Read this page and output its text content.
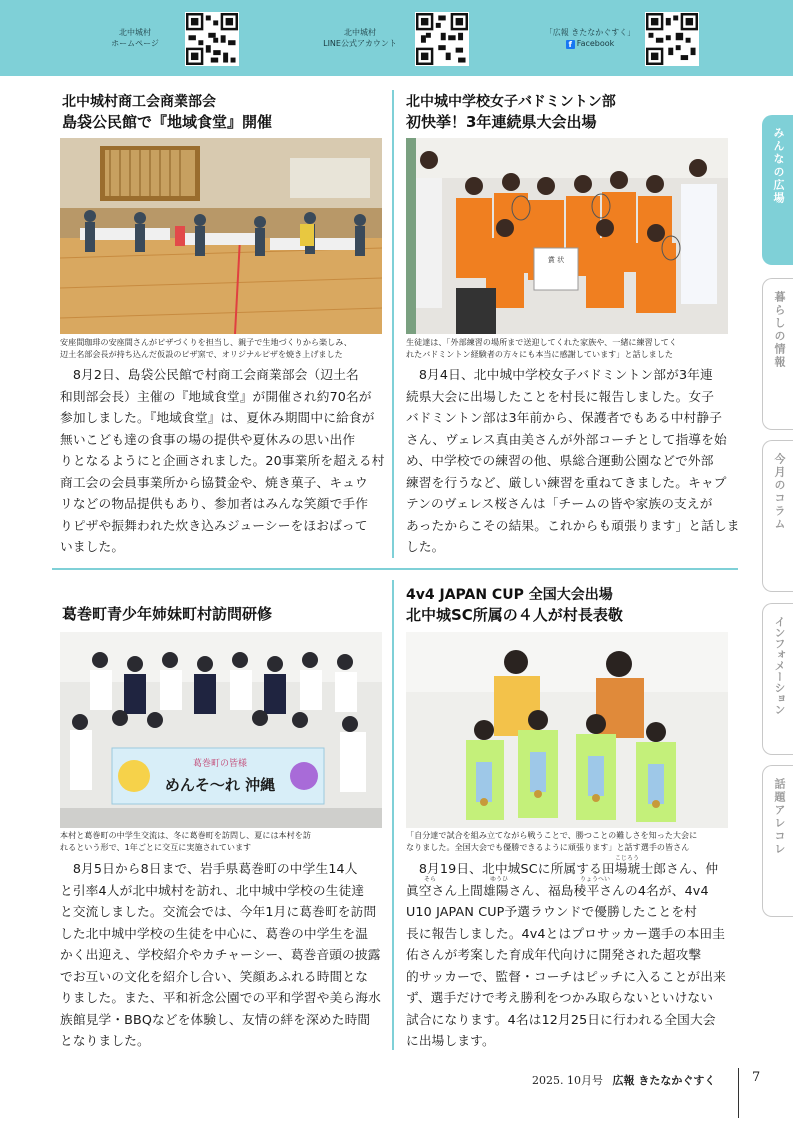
北中城村
ホームページ
北中城村
LINE公式アカウント
「広報 きたなかぐすく」
f Facebook
北中城村商工会商業部会
島袋公民館で『地域食堂』開催
安座間珈琲の安座間さんがピザづくりを担当し、親子で生地づくりから楽しみ、
辺土名部会長が持ち込んだ仮設のピザ窯で、オリジナルピザを焼き上げました
　8月2日、島袋公民館で村商工会商業部会（辺土名
和則部会長）主催の『地域食堂』が開催され約70名が
参加しました。『地域食堂』は、夏休み期間中に給食が
無いこども達の食事の場の提供や夏休みの思い出作
りとなるようにと企画されました。20事業所を超える村
商工会の会員事業所から協賛金や、焼き菓子、キュウ
リなどの物品提供もあり、参加者はみんな笑顔で手作
りピザや振舞われた炊き込みジューシーをほおばって
いました。
北中城中学校女子バドミントン部
初快挙！3年連続県大会出場
賞 状
生徒達は、「外部練習の場所まで送迎してくれた家族や、一緒に練習してく
れたバドミントン経験者の方々にも本当に感謝しています」と話しました
　8月4日、北中城中学校女子バドミントン部が3年連
続県大会に出場したことを村長に報告しました。女子
バドミントン部は3年前から、保護者でもある中村静子
さん、ヴェレス真由美さんが外部コーチとして指導を始
め、中学校での練習の他、県総合運動公園などで外部
練習を行うなど、厳しい練習を重ねてきました。キャプ
テンのヴェレス桜さんは「チームの皆や家族の支えが
あったからこその結果。これからも頑張ります」と話しま
した。
葛巻町青少年姉妹町村訪問研修
葛巻町の皆様
めんそ～れ 沖縄
本村と葛巻町の中学生交流は、冬に葛巻町を訪問し、夏には本村を訪
れるという形で、1年ごとに交互に実施されています
　8月5日から8日まで、岩手県葛巻町の中学生14人
と引率4人が北中城村を訪れ、北中城中学校の生徒達
と交流しました。交流会では、今年1月に葛巻町を訪問
した北中城中学校の生徒を中心に、葛巻の中学生を温
かく出迎え、学校紹介やカチャーシー、葛巻音頭の披露
でお互いの文化を紹介し合い、笑顔あふれる時間とな
りました。また、平和祈念公園での平和学習や美ら海水
族館見学・BBQなどを体験し、友情の絆を深めた時間
となりました。
4v4 JAPAN CUP 全国大会出場
北中城SC所属の４人が村長表敬
「自分達で試合を組み立てながら戦うことで、勝つことの難しさを知った大会に
なりました。全国大会でも優勝できるように頑張ります」と話す選手の皆さん
こじろう
そら	ゆうひ	りょうへい
　8月19日、北中城SCに所属する田場琥士郎さん、仲
眞空さん上間雄陽さん、福島稜平さんの4名が、4v4
U10 JAPAN CUP予選ラウンドで優勝したことを村
長に報告しました。4v4とはプロサッカー選手の本田圭
佑さんが考案した育成年代向けに開発された超攻撃
的サッカーで、監督・コーチはピッチに入ることが出来
ず、選手だけで考え勝利をつかみ取らないといけない
試合になります。4名は12月25日に行われる全国大会
に出場します。
みんなの広場
暮らしの情報
今月のコラム
インフォメーション
話題アレコレ
2025. 10月号 広報 きたなかぐすく	7
